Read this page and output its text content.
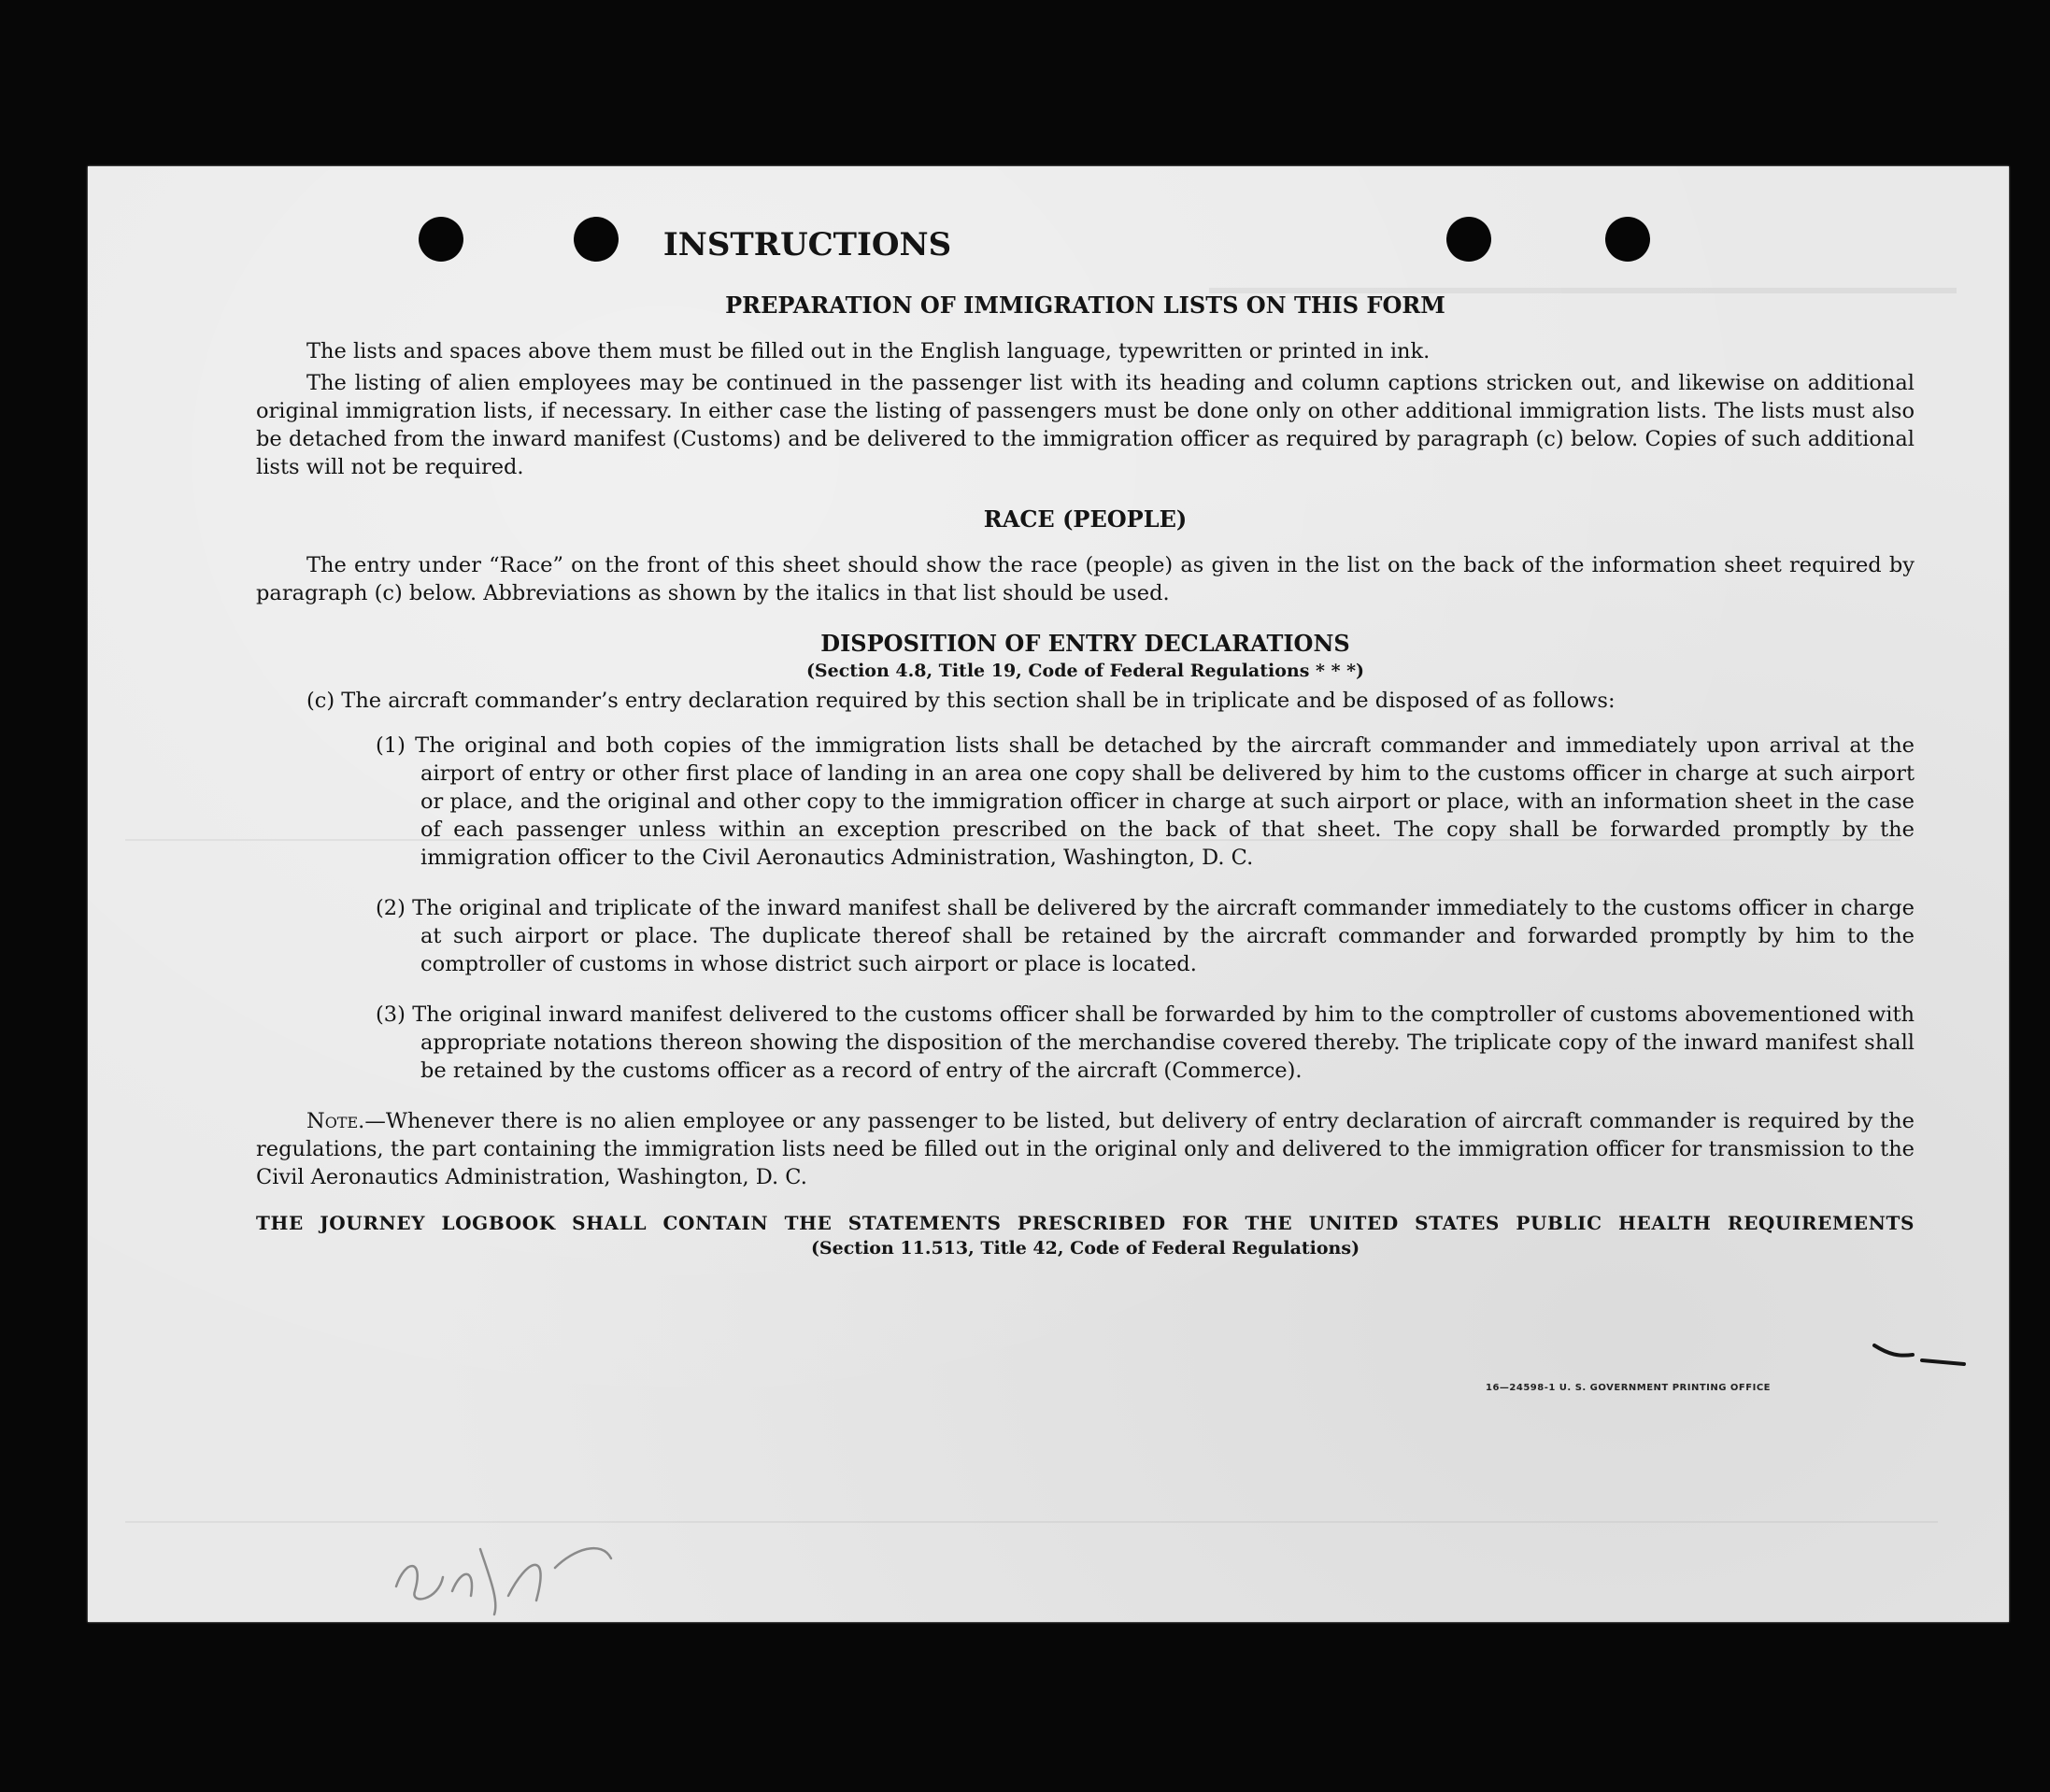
INSTRUCTIONS
PREPARATION OF IMMIGRATION LISTS ON THIS FORM

The lists and spaces above them must be filled out in the English language, typewritten or printed in ink.

The listing of alien employees may be continued in the passenger list with its heading and column captions stricken out, and likewise on additional original immigration lists, if necessary. In either case the listing of passengers must be done only on other additional immigration lists. The lists must also be detached from the inward manifest (Customs) and be delivered to the immigration officer as required by paragraph (c) below. Copies of such additional lists will not be required.

RACE (PEOPLE)

The entry under “Race” on the front of this sheet should show the race (people) as given in the list on the back of the information sheet required by paragraph (c) below. Abbreviations as shown by the italics in that list should be used.

DISPOSITION OF ENTRY DECLARATIONS

(Section 4.8, Title 19, Code of Federal Regulations * * *)

(c) The aircraft commander’s entry declaration required by this section shall be in triplicate and be disposed of as follows:

(1) The original and both copies of the immigration lists shall be detached by the aircraft commander and immediately upon arrival at the airport of entry or other first place of landing in an area one copy shall be delivered by him to the customs officer in charge at such airport or place, and the original and other copy to the immigration officer in charge at such airport or place, with an information sheet in the case of each passenger unless within an exception prescribed on the back of that sheet. The copy shall be forwarded promptly by the immigration officer to the Civil Aeronautics Administration, Washington, D. C.

(2) The original and triplicate of the inward manifest shall be delivered by the aircraft commander immediately to the customs officer in charge at such airport or place. The duplicate thereof shall be retained by the aircraft commander and forwarded promptly by him to the comptroller of customs in whose district such airport or place is located.

(3) The original inward manifest delivered to the customs officer shall be forwarded by him to the comptroller of customs abovementioned with appropriate notations thereon showing the disposition of the merchandise covered thereby. The triplicate copy of the inward manifest shall be retained by the customs officer as a record of entry of the aircraft (Commerce).

Note.—Whenever there is no alien employee or any passenger to be listed, but delivery of entry declaration of aircraft commander is required by the regulations, the part containing the immigration lists need be filled out in the original only and delivered to the immigration officer for transmission to the Civil Aeronautics Administration, Washington, D. C.

THE JOURNEY LOGBOOK SHALL CONTAIN THE STATEMENTS PRESCRIBED FOR THE UNITED STATES PUBLIC HEALTH REQUIREMENTS

(Section 11.513, Title 42, Code of Federal Regulations)

16—24598-1 U. S. GOVERNMENT PRINTING OFFICE
